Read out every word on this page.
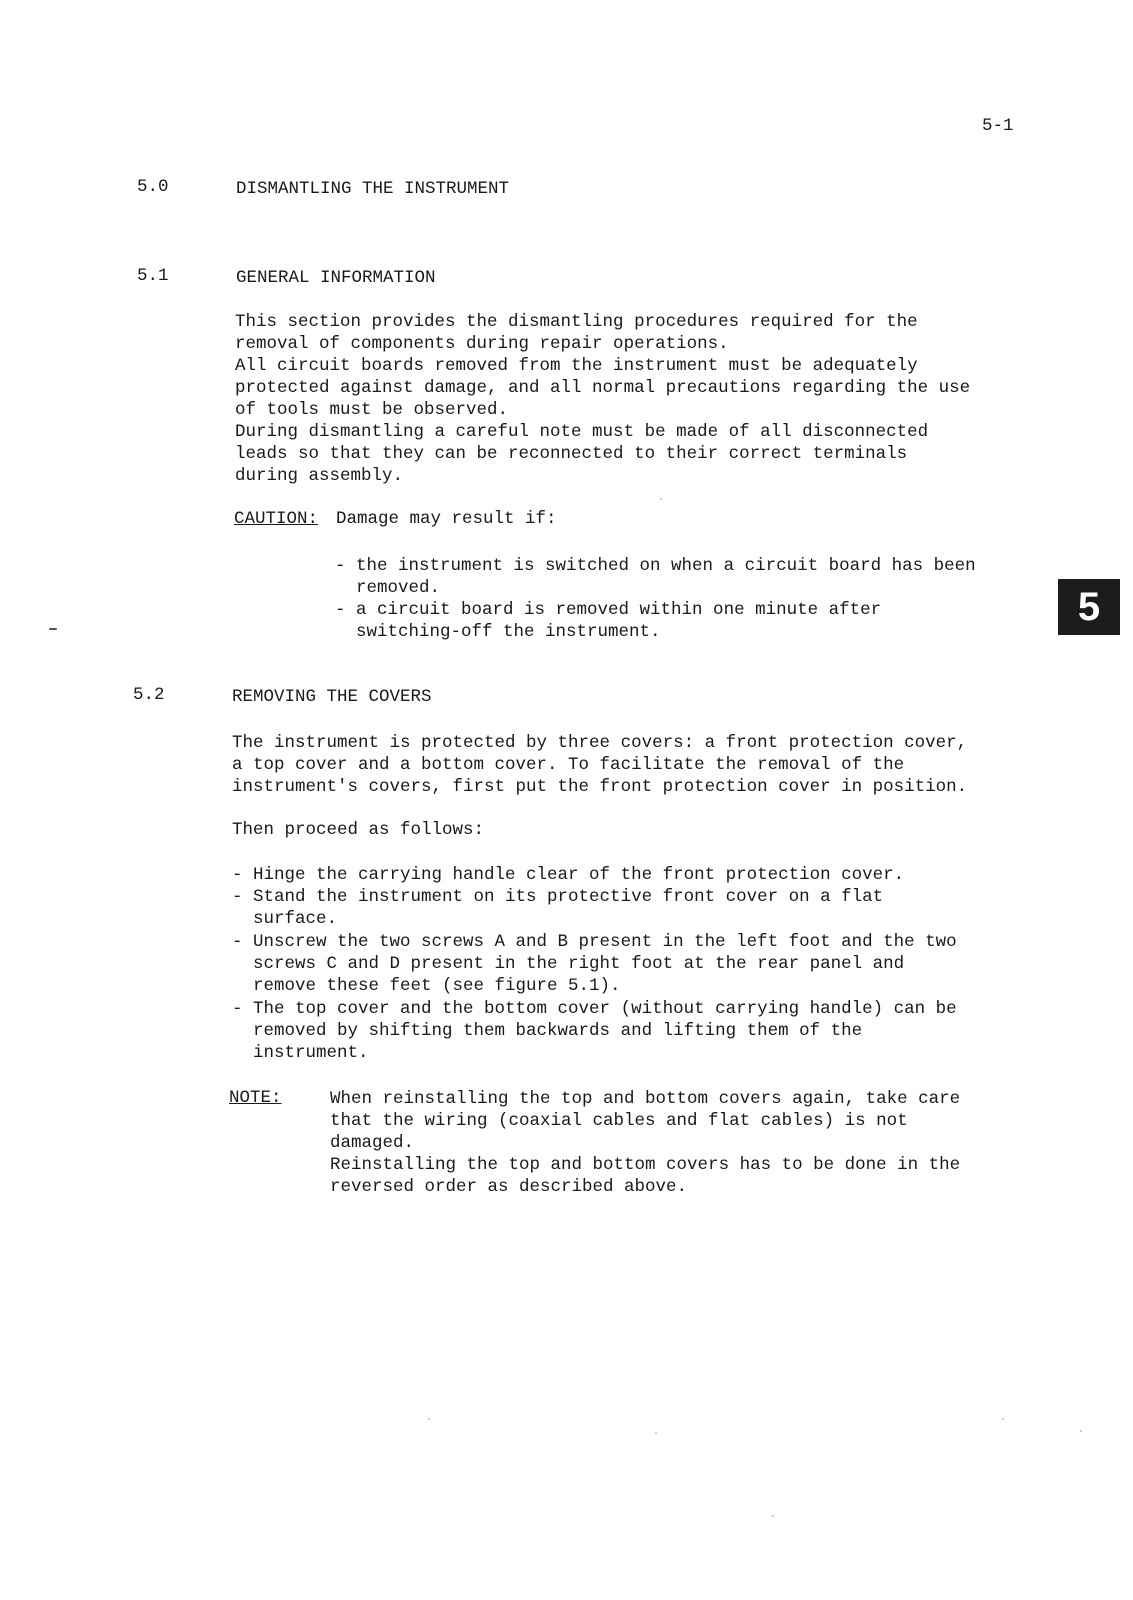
5-1
5.0	DISMANTLING THE INSTRUMENT
5.1	GENERAL INFORMATION
This section provides the dismantling procedures required for the
removal of components during repair operations.
All circuit boards removed from the instrument must be adequately
protected against damage, and all normal precautions regarding the use
of tools must be observed.
During dismantling a careful note must be made of all disconnected
leads so that they can be reconnected to their correct terminals
during assembly.
CAUTION: Damage may result if:
- the instrument is switched on when a circuit board has been
removed.
- a circuit board is removed within one minute after
switching-off the instrument.
5.2	REMOVING THE COVERS
The instrument is protected by three covers: a front protection cover,
a top cover and a bottom cover. To facilitate the removal of the
instrument's covers, first put the front protection cover in position.
Then proceed as follows:
- Hinge the carrying handle clear of the front protection cover.
- Stand the instrument on its protective front cover on a flat
surface.
- Unscrew the two screws A and B present in the left foot and the two
screws C and D present in the right foot at the rear panel and
remove these feet (see figure 5.1).
- The top cover and the bottom cover (without carrying handle) can be
removed by shifting them backwards and lifting them of the
instrument.
NOTE:	When reinstalling the top and bottom covers again, take care
that the wiring (coaxial cables and flat cables) is not
damaged.
Reinstalling the top and bottom covers has to be done in the
reversed order as described above.
5
